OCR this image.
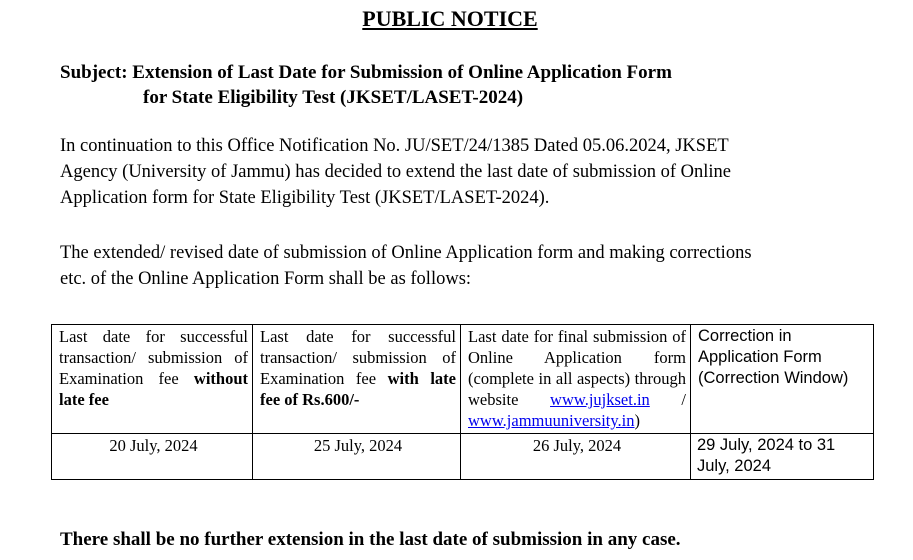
PUBLIC NOTICE
Subject: Extension of Last Date for Submission of Online Application Form
for State Eligibility Test (JKSET/LASET-2024)
In continuation to this Office Notification No. JU/SET/24/1385 Dated 05.06.2024, JKSET
Agency (University of Jammu) has decided to extend the last date of submission of Online
Application form for State Eligibility Test (JKSET/LASET-2024).
The extended/ revised date of submission of Online Application form and making corrections
etc. of the Online Application Form shall be as follows:
Last date for successful transaction/ submission of Examination fee without late fee	Last date for successful transaction/ submission of Examination fee with late fee of Rs.600/-	Last date for final submission of Online Application form (complete in all aspects) through website www.jujkset.in / www.jammuuniversity.in)	Correction in Application Form (Correction Window)
20 July, 2024	25 July, 2024	26 July, 2024	29 July, 2024 to 31 July, 2024
There shall be no further extension in the last date of submission in any case.
